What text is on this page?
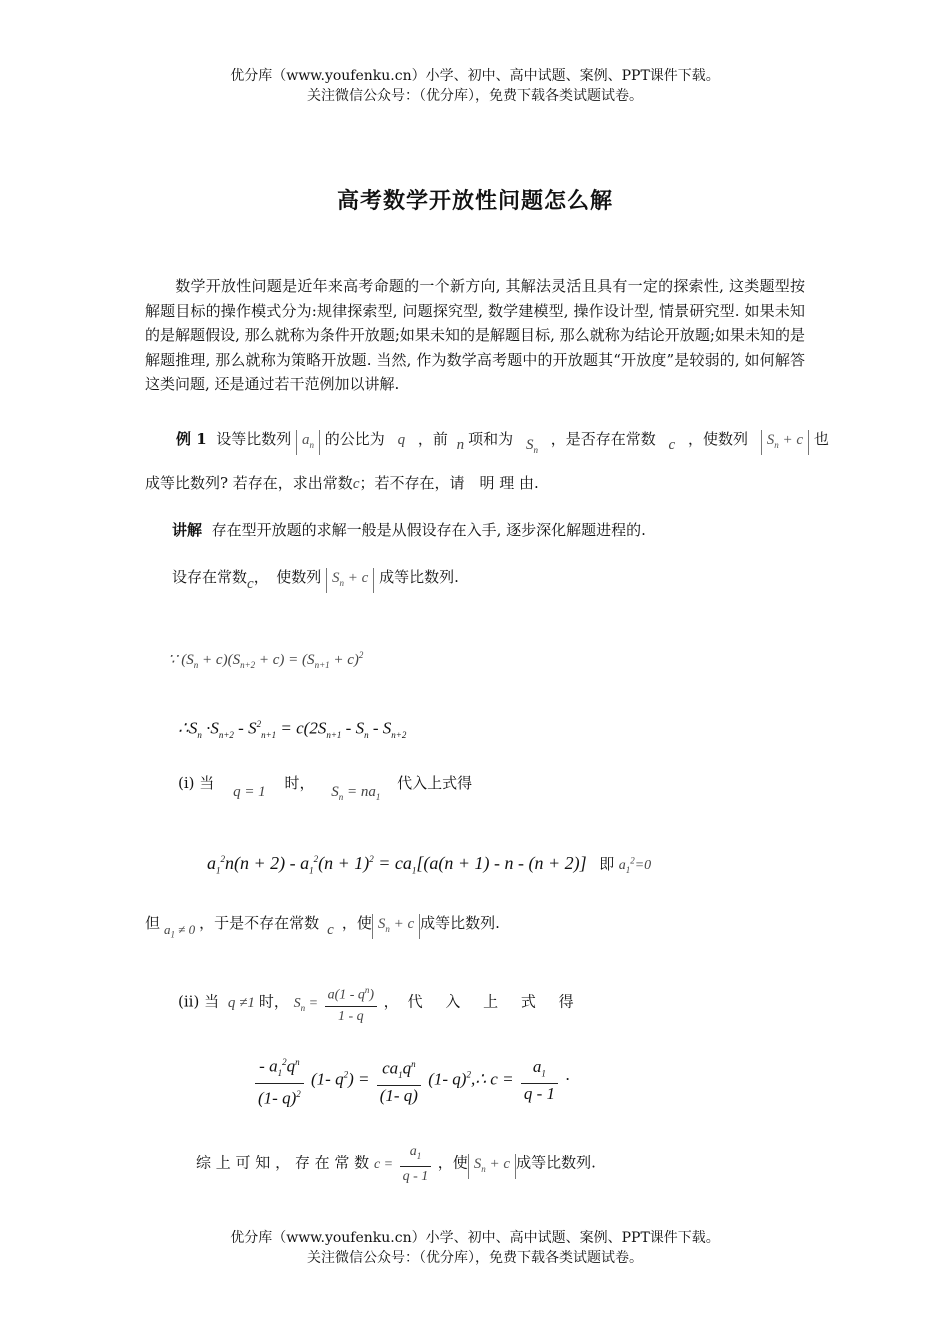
优分库（www.youfenku.cn）小学、初中、高中试题、案例、PPT课件下载。
关注微信公众号：（优分库），免费下载各类试题试卷。
高考数学开放性问题怎么解
数学开放性问题是近年来高考命题的一个新方向, 其解法灵活且具有一定的探索性, 这类题型按解题目标的操作模式分为:规律探索型, 问题探究型, 数学建模型, 操作设计型, 情景研究型. 如果未知的是解题假设, 那么就称为条件开放题;如果未知的是解题目标, 那么就称为结论开放题;如果未知的是解题推理, 那么就称为策略开放题. 当然, 作为数学高考题中的开放题其“开放度”是较弱的, 如何解答这类问题, 还是通过若干范例加以讲解.
例 1 设等比数列 $a_n$ 的公比为 q ，前 n 项和为 $S_n$ ，是否存在常数 c ，使数列 $S_n + c$ 也
成等比数列? 若存在，求出常数c；若不存在，请　明 理 由.
讲解 存在型开放题的求解一般是从假设存在入手, 逐步深化解题进程的.
设存在常数c，　使数列 $S_n + c$ 成等比数列.
∵ $(S_n + c)(S_{n+2} + c) = (S_{n+1} + c)^2$
$\therefore S_n \cdot S_{n+2} - S^2_{n+1} = c(2S_{n+1} - S_n - S_{n+2}$
(i) 当 q = 1 时， $S_n = na_1$ 代入上式得
$a_1^2n(n + 2) - a_1^2(n + 1)^2 = ca_1[(a(n + 1) - n - (n + 2)]$ 即 $a_1^2=0$
但 $a_1 \ne 0$ ，于是不存在常数 c ，使 $S_n + c$ 成等比数列.
(ii) 当 q ≠1 时， $S_n = \frac{a(1 - q^n)}{1 - q}$ ，代 入 上 式 得
$\frac{- a_1^2q^n}{(1- q)^2} (1-$ $q^2) = \frac{ca_1q^n}{(1- q)} (1-$ q)$^2$,∴ $c = \frac{a_1}{q - 1}$ ·
综 上 可 知 ， 存 在 常 数 $c = \frac{a_1}{q - 1}$ ，使 $S_n + c$ 成等比数列.
优分库（www.youfenku.cn）小学、初中、高中试题、案例、PPT课件下载。
关注微信公众号：（优分库），免费下载各类试题试卷。
